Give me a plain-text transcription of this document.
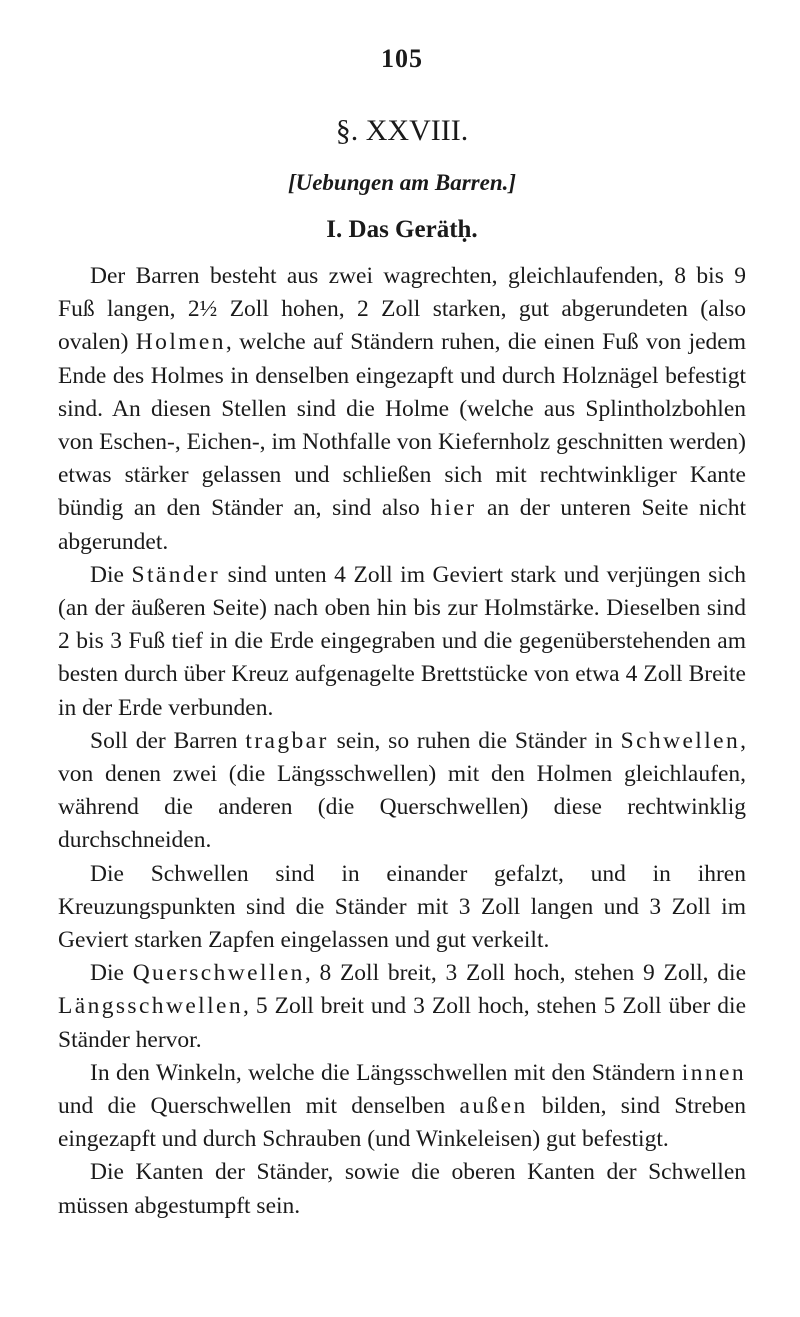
105
§. XXVIII.
[Uebungen am Barren.]
I. Das Gerätḥ.

Der Barren besteht aus zwei wagrechten, gleichlaufenden, 8 bis 9 Fuß langen, 2½ Zoll hohen, 2 Zoll starken, gut abgerundeten (also ovalen) Holmen, welche auf Ständern ruhen, die einen Fuß von jedem Ende des Holmes in denselben eingezapft und durch Holznägel befestigt sind. An diesen Stellen sind die Holme (welche aus Splintholzbohlen von Eschen-, Eichen-, im Nothfalle von Kiefernholz geschnitten werden) etwas stärker gelassen und schließen sich mit rechtwinkliger Kante bündig an den Ständer an, sind also hier an der unteren Seite nicht abgerundet.

Die Ständer sind unten 4 Zoll im Geviert stark und verjüngen sich (an der äußeren Seite) nach oben hin bis zur Holmstärke. Dieselben sind 2 bis 3 Fuß tief in die Erde eingegraben und die gegenüberstehenden am besten durch über Kreuz aufgenagelte Brettstücke von etwa 4 Zoll Breite in der Erde verbunden.

Soll der Barren tragbar sein, so ruhen die Ständer in Schwellen, von denen zwei (die Längsschwellen) mit den Holmen gleichlaufen, während die anderen (die Querschwellen) diese rechtwinklig durchschneiden.

Die Schwellen sind in einander gefalzt, und in ihren Kreuzungspunkten sind die Ständer mit 3 Zoll langen und 3 Zoll im Geviert starken Zapfen eingelassen und gut verkeilt.

Die Querschwellen, 8 Zoll breit, 3 Zoll hoch, stehen 9 Zoll, die Längsschwellen, 5 Zoll breit und 3 Zoll hoch, stehen 5 Zoll über die Ständer hervor.

In den Winkeln, welche die Längsschwellen mit den Ständern innen und die Querschwellen mit denselben außen bilden, sind Streben eingezapft und durch Schrauben (und Winkeleisen) gut befestigt.

Die Kanten der Ständer, sowie die oberen Kanten der Schwellen müssen abgestumpft sein.
